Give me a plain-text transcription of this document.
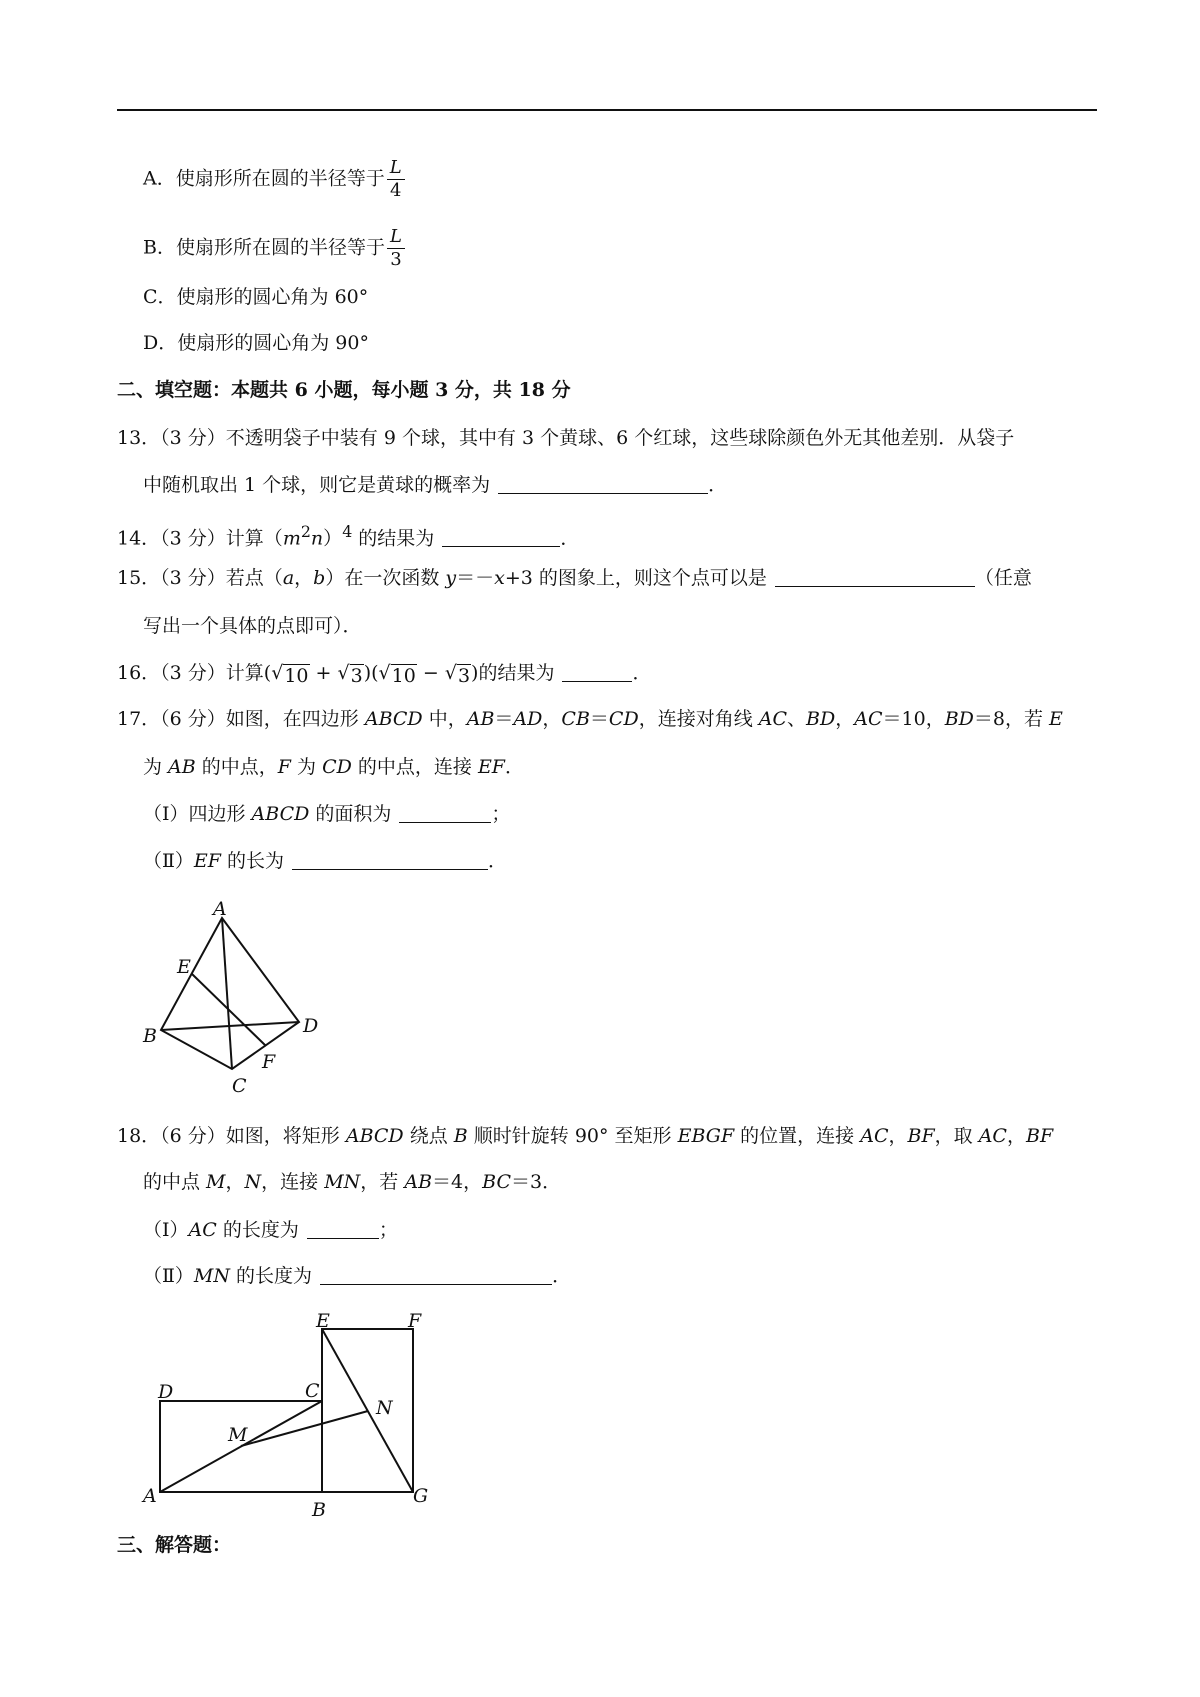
A．使扇形所在圆的半径等于 $\frac{L}{4}$
B．使扇形所在圆的半径等于 $\frac{L}{3}$
C．使扇形的圆心角为 60°
D．使扇形的圆心角为 90°
二、填空题：本题共 6 小题，每小题 3 分，共 18 分
13．（3 分）不透明袋子中装有 9 个球，其中有 3 个黄球、6 个红球，这些球除颜色外无其他差别．从袋子
中随机取出 1 个球，则它是黄球的概率为	．
14．（3 分）计算$(m^2n)^4$ 的结果为	．
15．（3 分）若点（a，b）在一次函数 y＝－x+3 的图象上，则这个点可以是	（任意
写出一个具体的点即可）．
16．（3 分）计算(√ 10 + √ 3 )(√ 10 − √ 3 )的结果为	．
17．（6 分）如图，在四边形 ABCD 中，AB＝AD，CB＝CD，连接对角线 AC、BD，AC＝10，BD＝8，若 E
为 AB 的中点，F 为 CD 的中点，连接 EF．
（Ⅰ）四边形 ABCD 的面积为	；
（Ⅱ）EF 的长为	．
A
E
B	D
F
C
18．（6 分）如图，将矩形 ABCD 绕点 B 顺时针旋转 90° 至矩形 EBGF 的位置，连接 AC，BF，取 AC，BF
的中点 M，N，连接 MN，若 AB＝4，BC＝3．
（Ⅰ）AC 的长度为	；
（Ⅱ）MN 的长度为	．
E	F
D	C
N
M
A
B
G
三、解答题：
